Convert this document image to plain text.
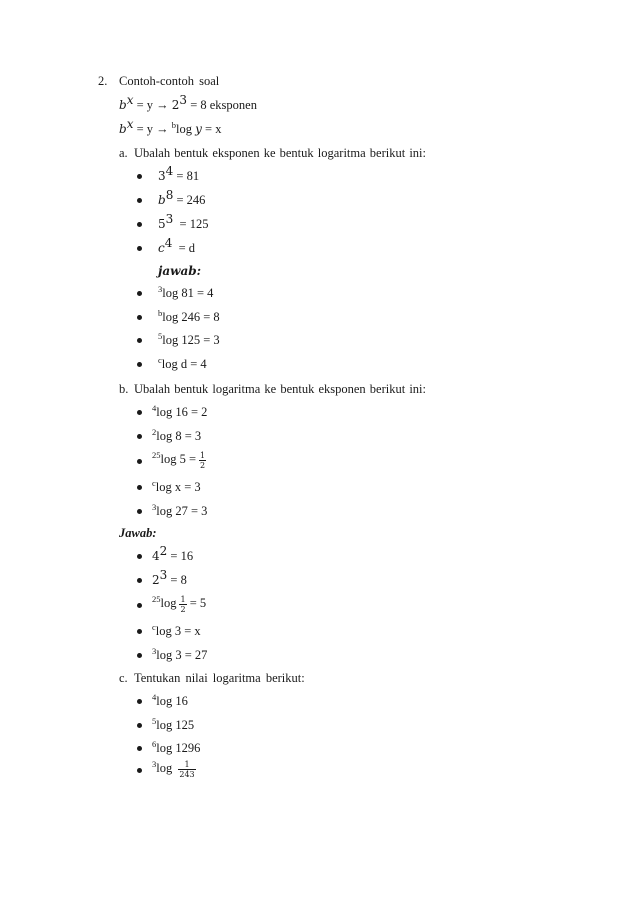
2. Contoh-contoh soal
$b^x = y \to 2^3 = 8$ eksponen
$b^x = y \to ^b\log$ y = x
a. Ubalah bentuk eksponen ke bentuk logaritma berikut ini:
$3^4 = 81$
$b^8 = 246$
$5^3 = 125$
$c^4 = d$
jawab:
$^3$log 81 = 4
$^b$log 246 = 8
$^5$log 125 = 3
$^c$log d = 4
b. Ubalah bentuk logaritma ke bentuk eksponen berikut ini:
$^4$log 16 = 2
$^2$log 8 = 3
$^{25}$log $5 = \frac{1}{2}$
$^c$log x = 3
$^3$log 27 = 3
Jawab:
$4^2 = 16$
$2^3 = 8$
$^{25}\log \frac{1}{2} = 5$
$^c$log 3 = x
$^3$log 3 = 27
c. Tentukan nilai logaritma berikut:
$^4$log 16
$^5$log 125
$^6$log 1296
$^3\log \frac{1}{243}$
